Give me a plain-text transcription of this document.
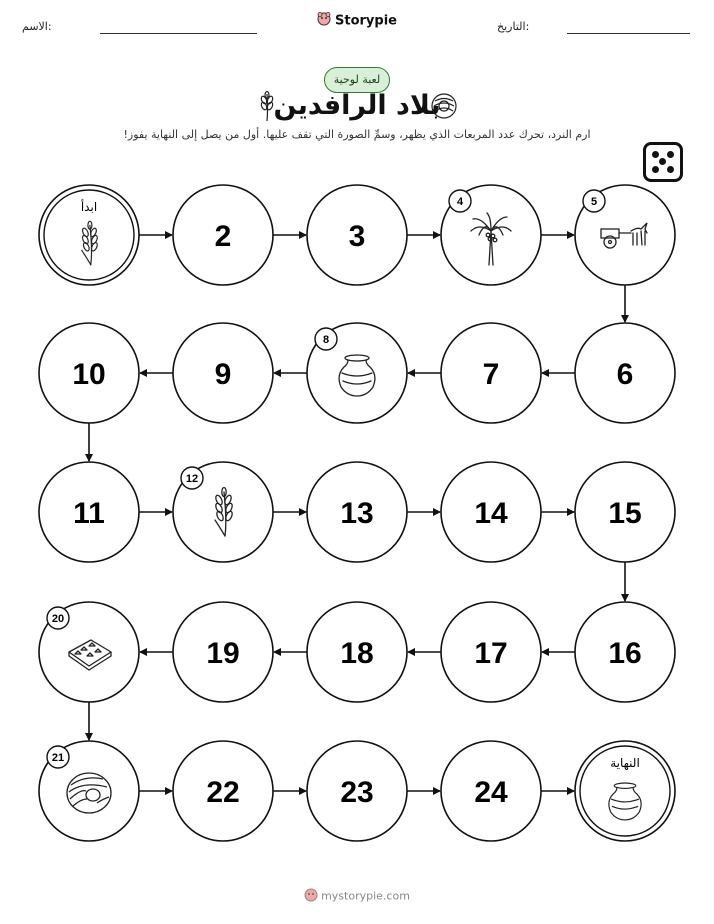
الاسم:	Storypie	التاريخ:
لعبة لوحية
بلاد الرافدين
ارم النرد، تحرك عدد المربعات الذي يظهر، وسمِّ الصورة التي تقف عليها. أول من يصل إلى النهاية يفوز!
ابدأ
2	3
4	5
6
7
8
9
10
11
12
13	14	15
16
17
18
19
20
21
22	23	24
النهاية
mystorypie.com
